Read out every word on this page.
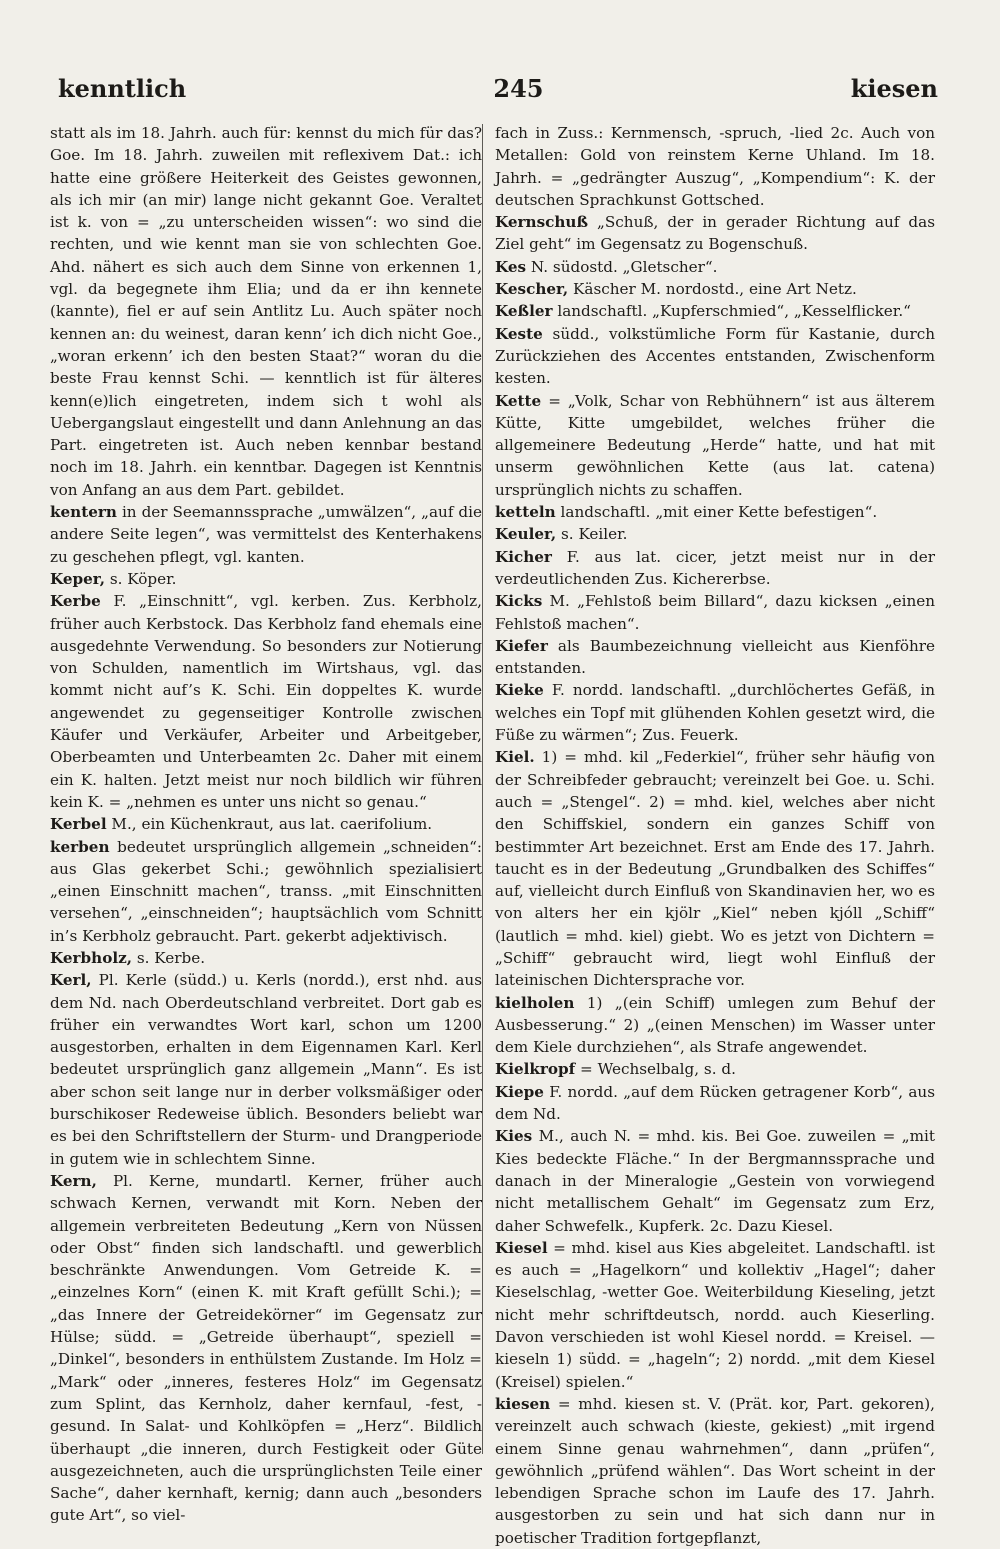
kenntlich	245	kiesen

statt als im 18. Jahrh. auch für: kennst du mich für das? Goe. Im 18. Jahrh. zuweilen mit reflexivem Dat.: ich hatte eine größere Heiterkeit des Geistes gewonnen, als ich mir (an mir) lange nicht gekannt Goe. Veraltet ist k. von = „zu unterscheiden wissen“: wo sind die rechten, und wie kennt man sie von schlechten Goe. Ahd. nähert es sich auch dem Sinne von erkennen 1, vgl. da begegnete ihm Elia; und da er ihn kennete (kannte), fiel er auf sein Antlitz Lu. Auch später noch kennen an: du weinest, daran kenn’ ich dich nicht Goe., „woran erkenn’ ich den besten Staat?“ woran du die beste Frau kennst Schi. — kenntlich ist für älteres kenn(e)lich eingetreten, indem sich t wohl als Uebergangslaut eingestellt und dann Anlehnung an das Part. eingetreten ist. Auch neben kennbar bestand noch im 18. Jahrh. ein kenntbar. Dagegen ist Kenntnis von Anfang an aus dem Part. gebildet.

kentern in der Seemannssprache „umwälzen“, „auf die andere Seite legen“, was vermittelst des Kenterhakens zu geschehen pflegt, vgl. kanten.

Keper, s. Köper.

Kerbe F. „Einschnitt“, vgl. kerben. Zus. Kerbholz, früher auch Kerbstock. Das Kerbholz fand ehemals eine ausgedehnte Verwendung. So besonders zur Notierung von Schulden, namentlich im Wirtshaus, vgl. das kommt nicht auf’s K. Schi. Ein doppeltes K. wurde angewendet zu gegenseitiger Kontrolle zwischen Käufer und Verkäufer, Arbeiter und Arbeitgeber, Oberbeamten und Unterbeamten 2c. Daher mit einem ein K. halten. Jetzt meist nur noch bildlich wir führen kein K. = „nehmen es unter uns nicht so genau.“

Kerbel M., ein Küchenkraut, aus lat. caerifolium.

kerben bedeutet ursprünglich allgemein „schneiden“: aus Glas gekerbet Schi.; gewöhnlich spezialisiert „einen Einschnitt machen“, transs. „mit Einschnitten versehen“, „einschneiden“; hauptsächlich vom Schnitt in’s Kerbholz gebraucht. Part. gekerbt adjektivisch.

Kerbholz, s. Kerbe.

Kerl, Pl. Kerle (südd.) u. Kerls (nordd.), erst nhd. aus dem Nd. nach Oberdeutschland verbreitet. Dort gab es früher ein verwandtes Wort karl, schon um 1200 ausgestorben, erhalten in dem Eigennamen Karl. Kerl bedeutet ursprünglich ganz allgemein „Mann“. Es ist aber schon seit lange nur in derber volksmäßiger oder burschikoser Redeweise üblich. Besonders beliebt war es bei den Schriftstellern der Sturm- und Drangperiode in gutem wie in schlechtem Sinne.

Kern, Pl. Kerne, mundartl. Kerner, früher auch schwach Kernen, verwandt mit Korn. Neben der allgemein verbreiteten Bedeutung „Kern von Nüssen oder Obst“ finden sich landschaftl. und gewerblich beschränkte Anwendungen. Vom Getreide K. = „einzelnes Korn“ (einen K. mit Kraft gefüllt Schi.); = „das Innere der Getreidekörner“ im Gegensatz zur Hülse; südd. = „Getreide überhaupt“, speziell = „Dinkel“, besonders in enthülstem Zustande. Im Holz = „Mark“ oder „inneres, festeres Holz“ im Gegensatz zum Splint, das Kernholz, daher kernfaul, -fest, -gesund. In Salat- und Kohlköpfen = „Herz“. Bildlich überhaupt „die inneren, durch Festigkeit oder Güte ausgezeichneten, auch die ursprünglichsten Teile einer Sache“, daher kernhaft, kernig; dann auch „besonders gute Art“, so viel-

fach in Zuss.: Kernmensch, -spruch, -lied 2c. Auch von Metallen: Gold von reinstem Kerne Uhland. Im 18. Jahrh. = „gedrängter Auszug“, „Kompendium“: K. der deutschen Sprachkunst Gottsched.

Kernschuß „Schuß, der in gerader Richtung auf das Ziel geht“ im Gegensatz zu Bogenschuß.

Kes N. südostd. „Gletscher“.

Kescher, Käscher M. nordostd., eine Art Netz.

Keßler landschaftl. „Kupferschmied“, „Kesselflicker.“

Keste südd., volkstümliche Form für Kastanie, durch Zurückziehen des Accentes entstanden, Zwischenform kesten.

Kette = „Volk, Schar von Rebhühnern“ ist aus älterem Kütte, Kitte umgebildet, welches früher die allgemeinere Bedeutung „Herde“ hatte, und hat mit unserm gewöhnlichen Kette (aus lat. catena) ursprünglich nichts zu schaffen.

ketteln landschaftl. „mit einer Kette befestigen“.

Keuler, s. Keiler.

Kicher F. aus lat. cicer, jetzt meist nur in der verdeutlichenden Zus. Kichererbse.

Kicks M. „Fehlstoß beim Billard“, dazu kicksen „einen Fehlstoß machen“.

Kiefer als Baumbezeichnung vielleicht aus Kienföhre entstanden.

Kieke F. nordd. landschaftl. „durchlöchertes Gefäß, in welches ein Topf mit glühenden Kohlen gesetzt wird, die Füße zu wärmen“; Zus. Feuerk.

Kiel. 1) = mhd. kil „Federkiel“, früher sehr häufig von der Schreibfeder gebraucht; vereinzelt bei Goe. u. Schi. auch = „Stengel“. 2) = mhd. kiel, welches aber nicht den Schiffskiel, sondern ein ganzes Schiff von bestimmter Art bezeichnet. Erst am Ende des 17. Jahrh. taucht es in der Bedeutung „Grundbalken des Schiffes“ auf, vielleicht durch Einfluß von Skandinavien her, wo es von alters her ein kjölr „Kiel“ neben kjóll „Schiff“ (lautlich = mhd. kiel) giebt. Wo es jetzt von Dichtern = „Schiff“ gebraucht wird, liegt wohl Einfluß der lateinischen Dichtersprache vor.

kielholen 1) „(ein Schiff) umlegen zum Behuf der Ausbesserung.“ 2) „(einen Menschen) im Wasser unter dem Kiele durchziehen“, als Strafe angewendet.

Kielkropf = Wechselbalg, s. d.

Kiepe F. nordd. „auf dem Rücken getragener Korb“, aus dem Nd.

Kies M., auch N. = mhd. kis. Bei Goe. zuweilen = „mit Kies bedeckte Fläche.“ In der Bergmannssprache und danach in der Mineralogie „Gestein von vorwiegend nicht metallischem Gehalt“ im Gegensatz zum Erz, daher Schwefelk., Kupferk. 2c. Dazu Kiesel.

Kiesel = mhd. kisel aus Kies abgeleitet. Landschaftl. ist es auch = „Hagelkorn“ und kollektiv „Hagel“; daher Kieselschlag, -wetter Goe. Weiterbildung Kieseling, jetzt nicht mehr schriftdeutsch, nordd. auch Kieserling. Davon verschieden ist wohl Kiesel nordd. = Kreisel. — kieseln 1) südd. = „hageln“; 2) nordd. „mit dem Kiesel (Kreisel) spielen.“

kiesen = mhd. kiesen st. V. (Prät. kor, Part. gekoren), vereinzelt auch schwach (kieste, gekiest) „mit irgend einem Sinne genau wahrnehmen“, dann „prüfen“, gewöhnlich „prüfend wählen“. Das Wort scheint in der lebendigen Sprache schon im Laufe des 17. Jahrh. ausgestorben zu sein und hat sich dann nur in poetischer Tradition fortgepflanzt,
